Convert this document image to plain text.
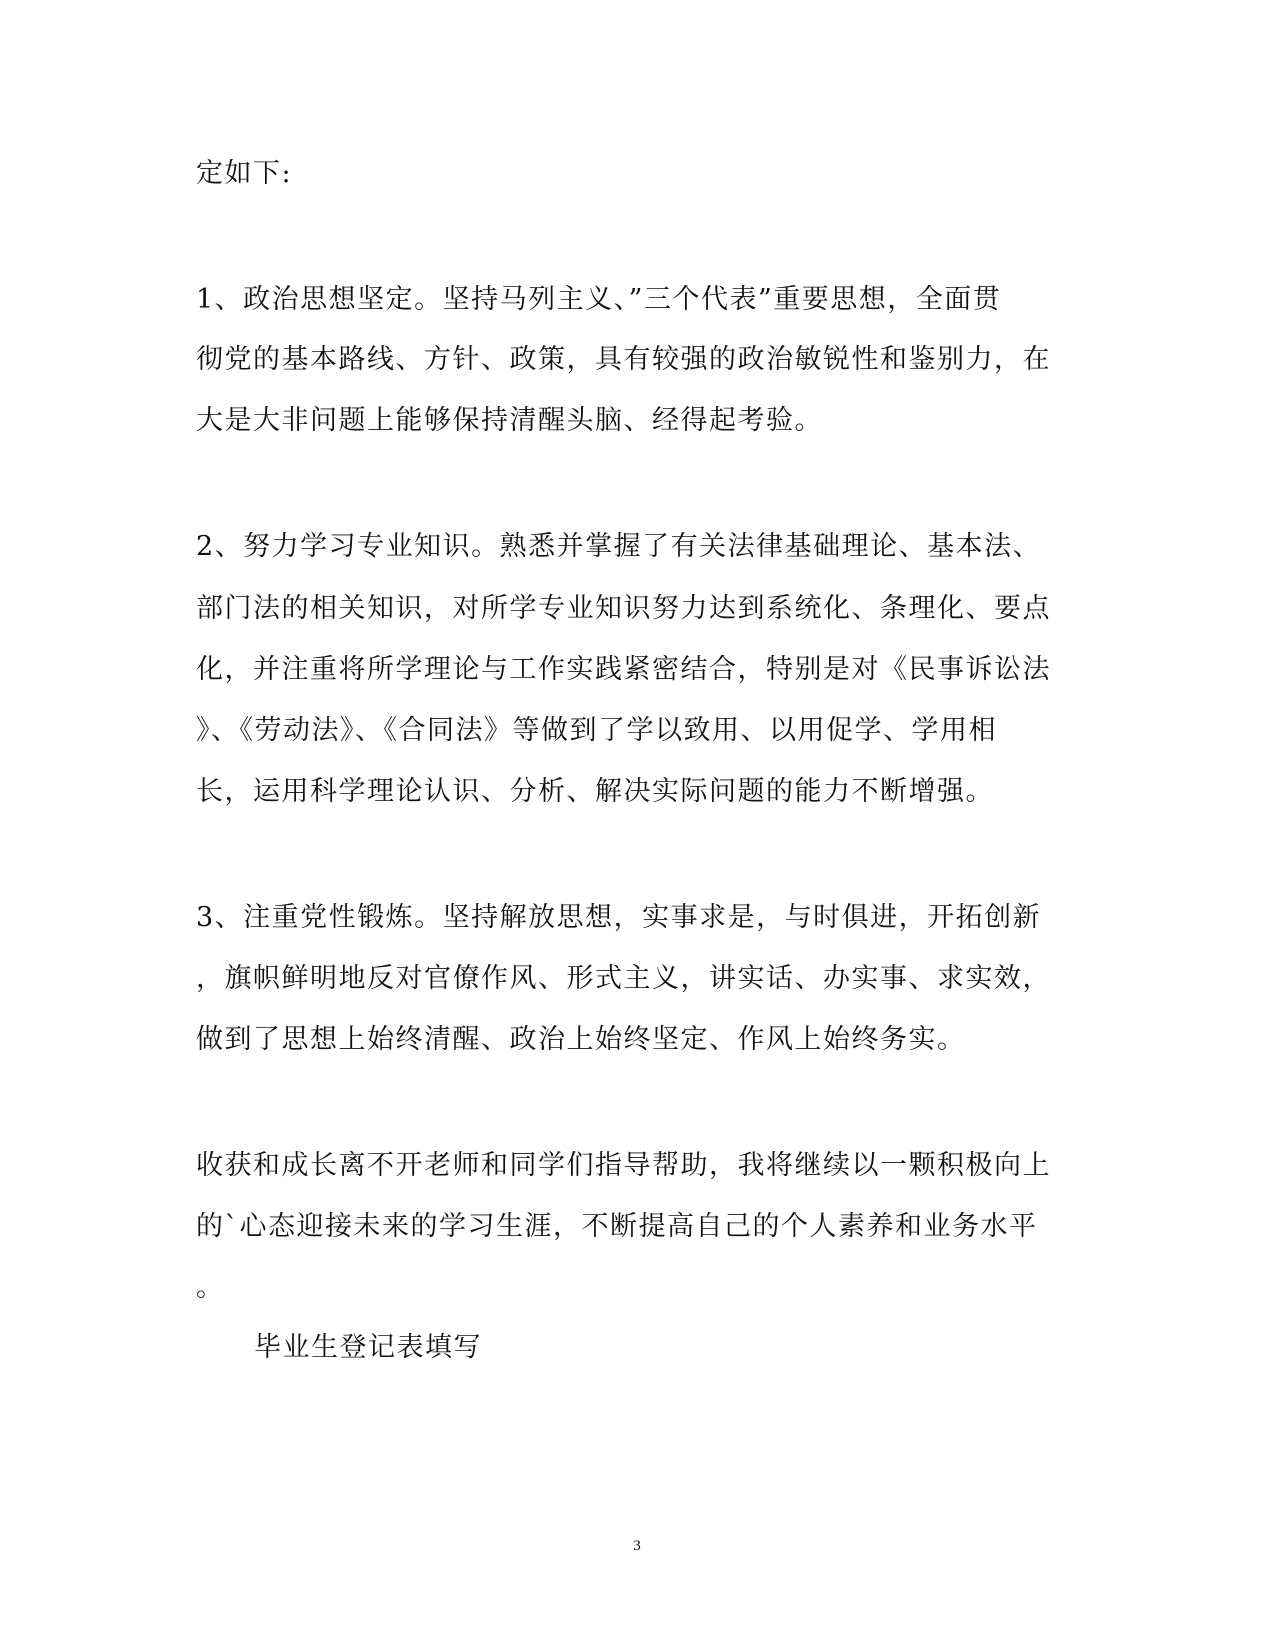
定如下:
1、政治思想坚定。坚持马列主义、”三个代表”重要思想，全面贯
彻党的基本路线、方针、政策，具有较强的政治敏锐性和鉴别力，在
大是大非问题上能够保持清醒头脑、经得起考验。
2、努力学习专业知识。熟悉并掌握了有关法律基础理论、基本法、
部门法的相关知识，对所学专业知识努力达到系统化、条理化、要点
化，并注重将所学理论与工作实践紧密结合，特别是对《民事诉讼法
》、《劳动法》、《合同法》等做到了学以致用、以用促学、学用相
长，运用科学理论认识、分析、解决实际问题的能力不断增强。
3、注重党性锻炼。坚持解放思想，实事求是，与时俱进，开拓创新
，旗帜鲜明地反对官僚作风、形式主义，讲实话、办实事、求实效，
做到了思想上始终清醒、政治上始终坚定、作风上始终务实。
收获和成长离不开老师和同学们指导帮助，我将继续以一颗积极向上
的`心态迎接未来的学习生涯，不断提高自己的个人素养和业务水平
。
毕业生登记表填写
3
